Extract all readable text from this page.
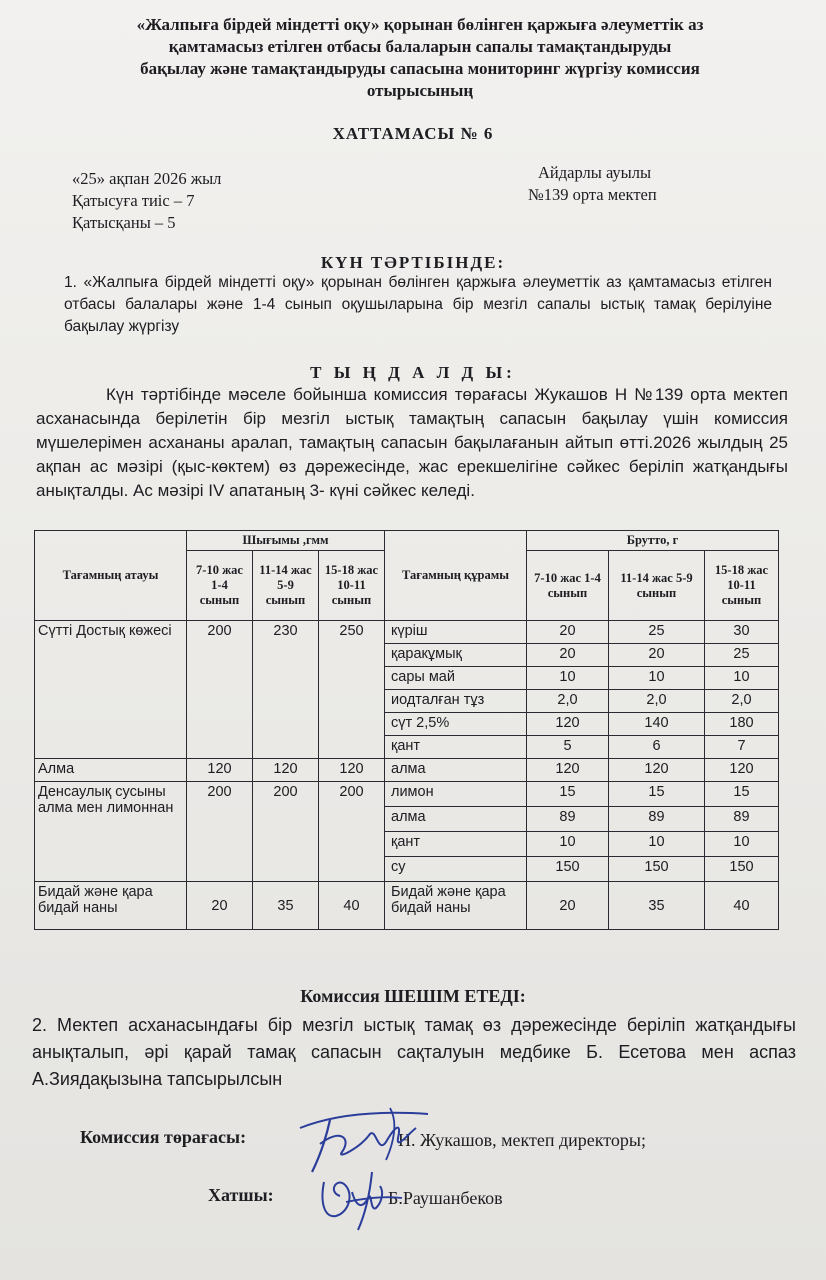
«Жалпыға бірдей міндетті оқу» қорынан бөлінген қаржыға әлеуметтік аз
қамтамасыз етілген отбасы балаларын сапалы тамақтандыруды
бақылау және тамақтандыруды сапасына мониторинг жүргізу комиссия
отырысының
ХАТТАМАСЫ № 6
«25» ақпан 2026 жыл
Қатысуға тиіс – 7
Қатысқаны – 5
Айдарлы ауылы
№139 орта мектеп
КҮН ТӘРТІБІНДЕ:
1. «Жалпыға бірдей міндетті оқу» қорынан бөлінген қаржыға әлеуметтік аз қамтамасыз етілген отбасы балалары және 1-4 сынып оқушыларына бір мезгіл сапалы ыстық тамақ берілуіне бақылау жүргізу
Т Ы Ң Д А Л Д Ы:
Күн тәртібінде мәселе бойынша комиссия төрағасы Жукашов Н №139 орта мектеп асханасында берілетін бір мезгіл ыстық тамақтың сапасын бақылау үшін комиссия мүшелерімен асхананы аралап, тамақтың сапасын бақылағанын айтып өтті.2026 жылдың 25 ақпан ас мәзірі (қыс-көктем) өз дәрежесінде, жас ерекшелігіне сәйкес беріліп жатқандығы анықталды. Ас мәзірі IV апатаның 3- күні сәйкес келеді.
Тағамның атауы	Шығымы ,гмм			Тағамның құрамы	Брутто, г		
	7-10 жас 1-4 сынып	11-14 жас 5-9 сынып	15-18 жас 10-11 сынып		7-10 жас 1-4 сынып	11-14 жас 5-9 сынып	15-18 жас 10-11 сынып
Сүтті Достық көжесі	200	230	250	күріш	20	25	30
				қаракұмық	20	20	25
				сары май	10	10	10
				иодталған тұз	2,0	2,0	2,0
				сүт 2,5%	120	140	180
				қант	5	6	7
Алма	120	120	120	алма	120	120	120
Денсаулық сусыны алма мен лимоннан	200	200	200	лимон	15	15	15
				алма	89	89	89
				қант	10	10	10
				су	150	150	150
Бидай және қара бидай наны	20	35	40	Бидай және қара бидай наны	20	35	40
Комиссия ШЕШІМ ЕТЕДІ:
2. Мектеп асханасындағы бір мезгіл ыстық тамақ өз дәрежесінде беріліп жатқандығы анықталып, әрі қарай тамақ сапасын сақталуын медбике Б. Есетова мен аспаз А.Зиядақызына тапсырылсын
Комиссия төрағасы:	Н. Жукашов, мектеп директоры;
Хатшы:	Б.Раушанбеков
